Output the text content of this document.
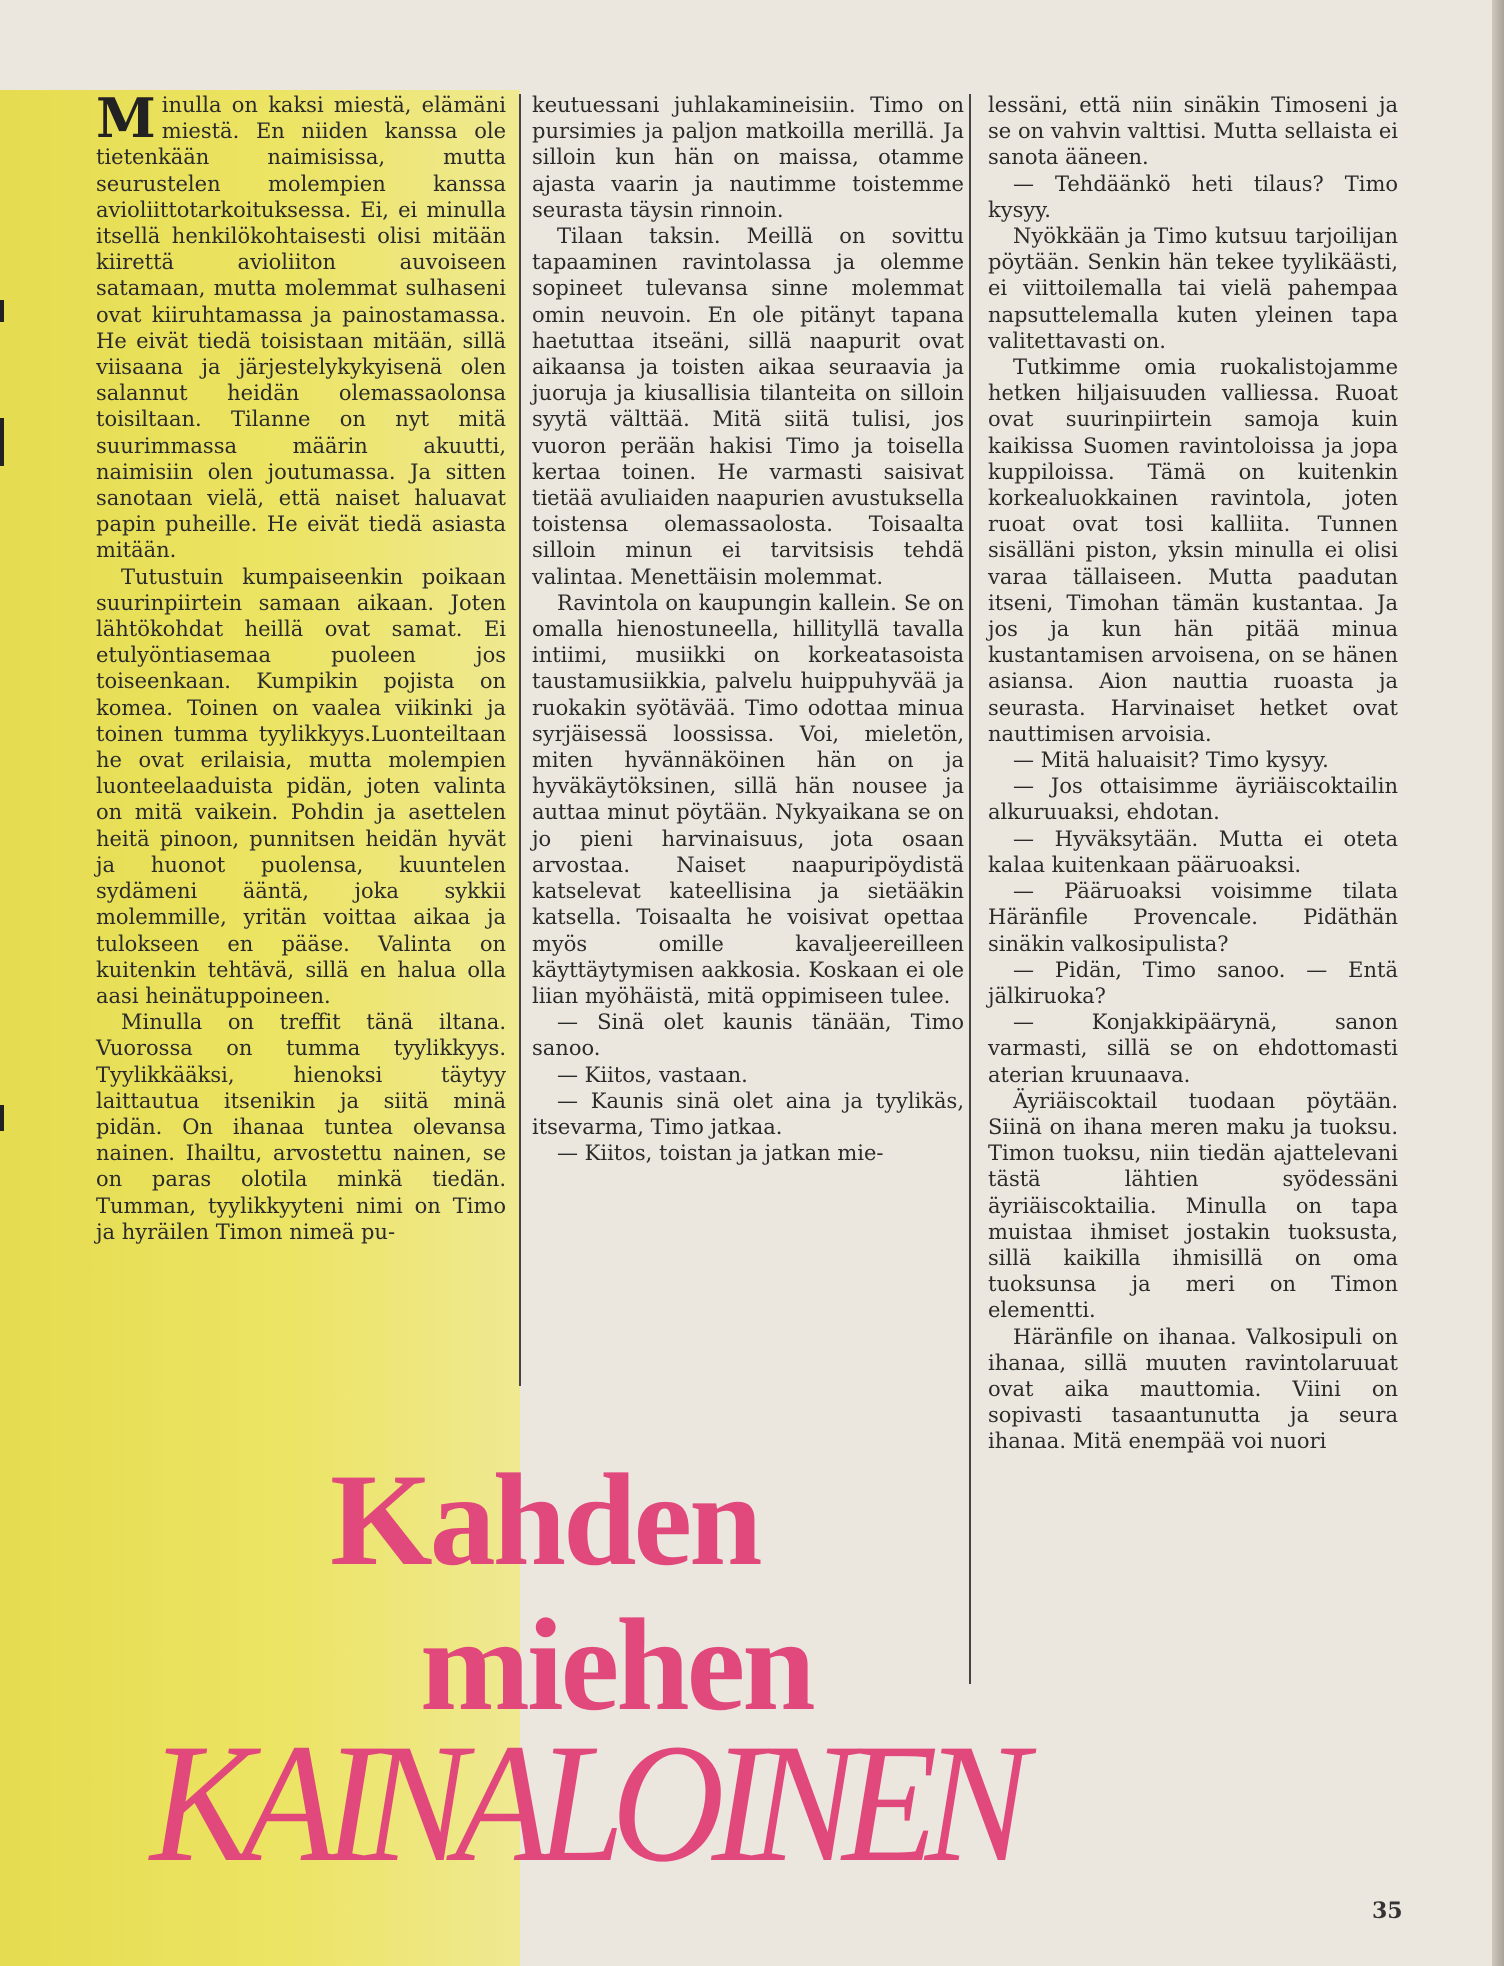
Minulla on kaksi miestä, elämäni miestä. En niiden kanssa ole tietenkään naimisissa, mutta seurustelen molempien kanssa avioliittotarkoituksessa. Ei, ei minulla itsellä henkilökohtaisesti olisi mitään kiirettä avioliiton auvoiseen satamaan, mutta molemmat sulhaseni ovat kiiruhtamassa ja painostamassa. He eivät tiedä toisistaan mitään, sillä viisaana ja järjestelykykyisenä olen salannut heidän olemassaolonsa toisiltaan. Tilanne on nyt mitä suurimmassa määrin akuutti, naimisiin olen joutumassa. Ja sitten sanotaan vielä, että naiset haluavat papin puheille. He eivät tiedä asiasta mitään.

Tutustuin kumpaiseenkin poikaan suurinpiirtein samaan aikaan. Joten lähtökohdat heillä ovat samat. Ei etulyöntiasemaa puoleen jos toiseenkaan. Kumpikin pojista on komea. Toinen on vaalea viikinki ja toinen tumma tyylikkyys.Luonteiltaan he ovat erilaisia, mutta molempien luonteelaaduista pidän, joten valinta on mitä vaikein. Pohdin ja asettelen heitä pinoon, punnitsen heidän hyvät ja huonot puolensa, kuuntelen sydämeni ääntä, joka sykkii molemmille, yritän voittaa aikaa ja tulokseen en pääse. Valinta on kuitenkin tehtävä, sillä en halua olla aasi heinätuppoineen.

Minulla on treffit tänä iltana. Vuorossa on tumma tyylikkyys. Tyylikkääksi, hienoksi täytyy laittautua itsenikin ja siitä minä pidän. On ihanaa tuntea olevansa nainen. Ihailtu, arvostettu nainen, se on paras olotila minkä tiedän. Tumman, tyylikkyyteni nimi on Timo ja hyräilen Timon nimeä pu-

keutuessani juhlakamineisiin. Timo on pursimies ja paljon matkoilla merillä. Ja silloin kun hän on maissa, otamme ajasta vaarin ja nautimme toistemme seurasta täysin rinnoin.

Tilaan taksin. Meillä on sovittu tapaaminen ravintolassa ja olemme sopineet tulevansa sinne molemmat omin neuvoin. En ole pitänyt tapana haetuttaa itseäni, sillä naapurit ovat aikaansa ja toisten aikaa seuraavia ja juoruja ja kiusallisia tilanteita on silloin syytä välttää. Mitä siitä tulisi, jos vuoron perään hakisi Timo ja toisella kertaa toinen. He varmasti saisivat tietää avuliaiden naapurien avustuksella toistensa olemassaolosta. Toisaalta silloin minun ei tarvitsisis tehdä valintaa. Menettäisin molemmat.

Ravintola on kaupungin kallein. Se on omalla hienostuneella, hillityllä tavalla intiimi, musiikki on korkeatasoista taustamusiikkia, palvelu huippuhyvää ja ruokakin syötävää. Timo odottaa minua syrjäisessä loossissa. Voi, mieletön, miten hyvännäköinen hän on ja hyväkäytöksinen, sillä hän nousee ja auttaa minut pöytään. Nykyaikana se on jo pieni harvinaisuus, jota osaan arvostaa. Naiset naapuripöydistä katselevat kateellisina ja sietääkin katsella. Toisaalta he voisivat opettaa myös omille kavaljeereilleen käyttäytymisen aakkosia. Koskaan ei ole liian myöhäistä, mitä oppimiseen tulee.

— Sinä olet kaunis tänään, Timo sanoo.

— Kiitos, vastaan.

— Kaunis sinä olet aina ja tyylikäs, itsevarma, Timo jatkaa.

— Kiitos, toistan ja jatkan mie-

lessäni, että niin sinäkin Timoseni ja se on vahvin valttisi. Mutta sellaista ei sanota ääneen.

— Tehdäänkö heti tilaus? Timo kysyy.

Nyökkään ja Timo kutsuu tarjoilijan pöytään. Senkin hän tekee tyylikäästi, ei viittoilemalla tai vielä pahempaa napsuttelemalla kuten yleinen tapa valitettavasti on.

Tutkimme omia ruokalistojamme hetken hiljaisuuden valliessa. Ruoat ovat suurinpiirtein samoja kuin kaikissa Suomen ravintoloissa ja jopa kuppiloissa. Tämä on kuitenkin korkealuokkainen ravintola, joten ruoat ovat tosi kalliita. Tunnen sisälläni piston, yksin minulla ei olisi varaa tällaiseen. Mutta paadutan itseni, Timohan tämän kustantaa. Ja jos ja kun hän pitää minua kustantamisen arvoisena, on se hänen asiansa. Aion nauttia ruoasta ja seurasta. Harvinaiset hetket ovat nauttimisen arvoisia.

— Mitä haluaisit? Timo kysyy.

— Jos ottaisimme äyriäiscoktailin alkuruuaksi, ehdotan.

— Hyväksytään. Mutta ei oteta kalaa kuitenkaan pääruoaksi.

— Pääruoaksi voisimme tilata Häränfile Provencale. Pidäthän sinäkin valkosipulista?

— Pidän, Timo sanoo. — Entä jälkiruoka?

— Konjakkipäärynä, sanon varmasti, sillä se on ehdottomasti aterian kruunaava.

Äyriäiscoktail tuodaan pöytään. Siinä on ihana meren maku ja tuoksu. Timon tuoksu, niin tiedän ajattelevani tästä lähtien syödessäni äyriäiscoktailia. Minulla on tapa muistaa ihmiset jostakin tuoksusta, sillä kaikilla ihmisillä on oma tuoksunsa ja meri on Timon elementti.

Häränfile on ihanaa. Valkosipuli on ihanaa, sillä muuten ravintolaruuat ovat aika mauttomia. Viini on sopivasti tasaantunutta ja seura ihanaa. Mitä enempää voi nuori

Kahden
miehen
KAINALOINEN
35
